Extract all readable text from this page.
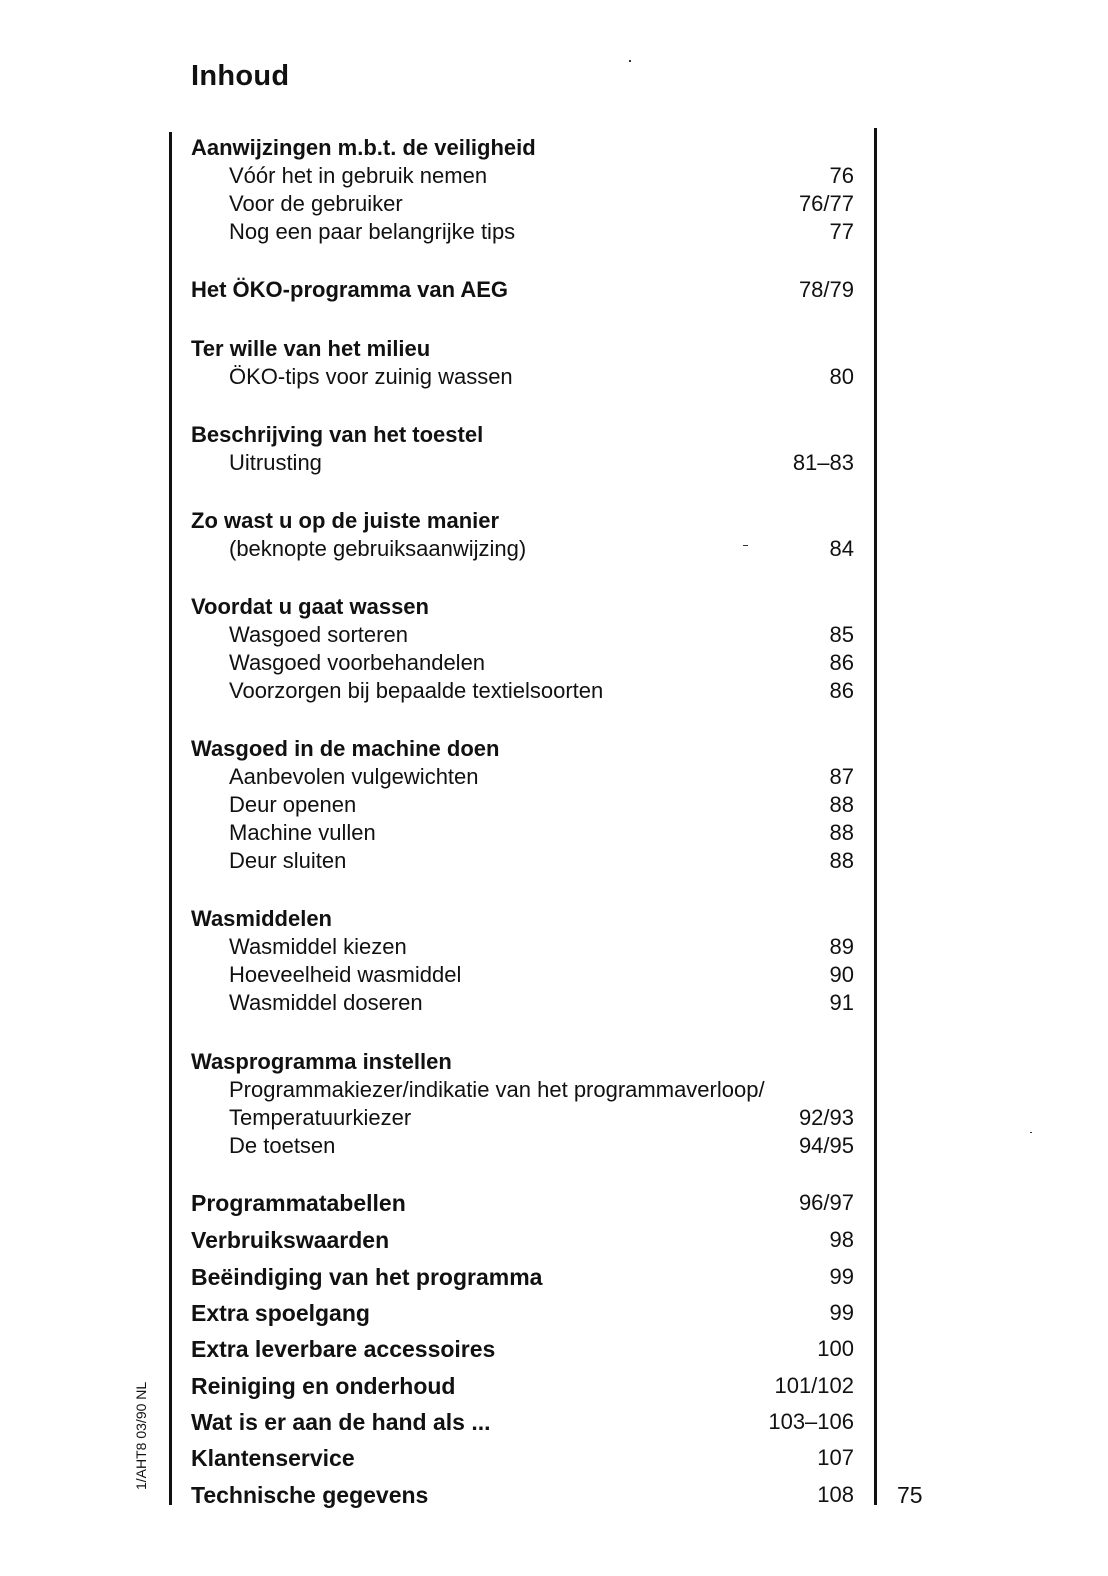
Inhoud
Aanwijzingen m.b.t. de veiligheid
Vóór het in gebruik nemen	76
Voor de gebruiker	76/77
Nog een paar belangrijke tips	77
Het ÖKO-programma van AEG	78/79
Ter wille van het milieu
ÖKO-tips voor zuinig wassen	80
Beschrijving van het toestel
Uitrusting	81–83
Zo wast u op de juiste manier
(beknopte gebruiksaanwijzing)	84
Voordat u gaat wassen
Wasgoed sorteren	85
Wasgoed voorbehandelen	86
Voorzorgen bij bepaalde textielsoorten	86
Wasgoed in de machine doen
Aanbevolen vulgewichten	87
Deur openen	88
Machine vullen	88
Deur sluiten	88
Wasmiddelen
Wasmiddel kiezen	89
Hoeveelheid wasmiddel	90
Wasmiddel doseren	91
Wasprogramma instellen
Programmakiezer/indikatie van het programmaverloop/
Temperatuurkiezer	92/93
De toetsen	94/95
Programmatabellen	96/97
Verbruikswaarden	98
Beëindiging van het programma	99
Extra spoelgang	99
Extra leverbare accessoires	100
Reiniging en onderhoud	101/102
Wat is er aan de hand als ...	103–106
Klantenservice	107
Technische gegevens	108 75
1/AHT8 03/90 NL
